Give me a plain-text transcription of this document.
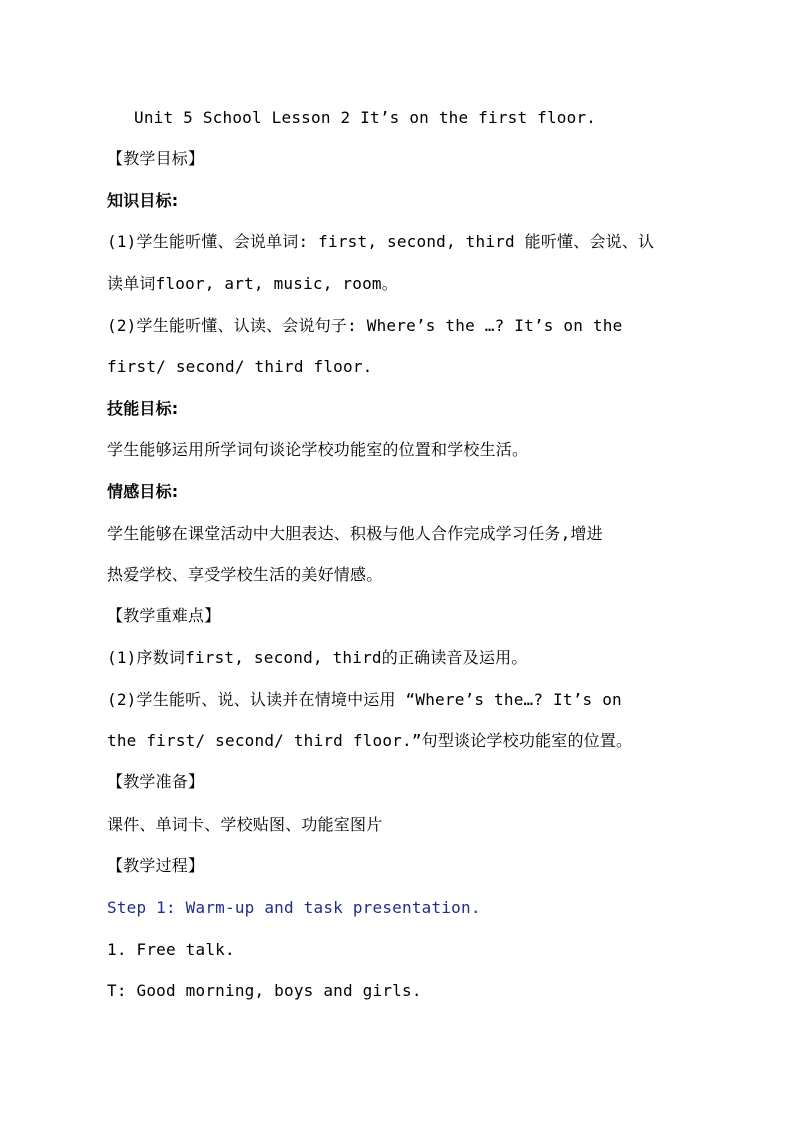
Unit 5 School Lesson 2 It’s on the first floor.
【教学目标】
知识目标:
(1)学生能听懂、会说单词: first, second, third 能听懂、会说、认
读单词floor, art, music, room。
(2)学生能听懂、认读、会说句子: Where’s the …? It’s on the
first/ second/ third floor.
技能目标:
学生能够运用所学词句谈论学校功能室的位置和学校生活。
情感目标:
学生能够在课堂活动中大胆表达、积极与他人合作完成学习任务,增进
热爱学校、享受学校生活的美好情感。
【教学重难点】
(1)序数词first, second, third的正确读音及运用。
(2)学生能听、说、认读并在情境中运用 “Where’s the…? It’s on
the first/ second/ third floor.”句型谈论学校功能室的位置。
【教学准备】
课件、单词卡、学校贴图、功能室图片
【教学过程】
Step 1: Warm-up and task presentation.
1. Free talk.
T: Good morning, boys and girls.
